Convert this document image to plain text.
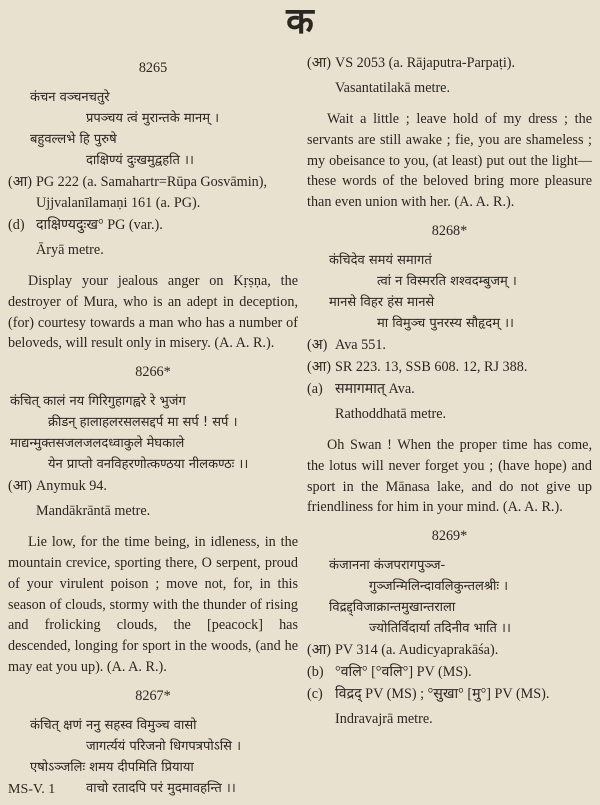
क
8265
कंचन वञ्चनचतुरे
प्रपञ्चय त्वं मुरान्तके मानम् ।
बहुवल्लभे हि पुरुषे
दाक्षिण्यं दुःखमुद्वहति ।।
(आ) PG 222 (a. Samahartr=Rūpa Gosvāmin), Ujjvalanīlamaṇi 161 (a. PG).
(d) दाक्षिण्यदुःख° PG (var.).
Āryā metre.
Display your jealous anger on Kṛṣṇa, the destroyer of Mura, who is an adept in deception, (for) courtesy towards a man who has a number of beloveds, will result only in misery. (A. A. R.).
8266*
कंचित् कालं नय गिरिगुहागह्वरे रे भुजंग
क्रीडन् हालाहलरसलसद्दर्प मा सर्प ! सर्प ।
माद्यन्मुक्तसजलजलदध्वाकुले मेघकाले
येन प्राप्तो वनविहरणोत्कण्ठया नीलकण्ठः ।।
(आ) Anymuk 94.
Mandākrāntā metre.
Lie low, for the time being, in idleness, in the mountain crevice, sporting there, O serpent, proud of your virulent poison ; move not, for, in this season of clouds, stormy with the thunder of rising and frolicking clouds, the [peacock] has descended, longing for sport in the woods, (and he may eat you up). (A. A. R.).
8267*
कंचित् क्षणं ननु सहस्व विमुञ्च वासो
जागर्त्ययं परिजनो धिगपत्रपोऽसि ।
एषोऽञ्जलिः शमय दीपमिति प्रियाया
वाचो रतादपि परं मुदमावहन्ति ।।
(आ) VS 2053 (a. Rājaputra-Parpaṭi).
Vasantatilakā metre.
Wait a little ; leave hold of my dress ; the servants are still awake ; fie, you are shameless ; my obeisance to you, (at least) put out the light—these words of the beloved bring more pleasure than even union with her. (A. A. R.).
8268*
कंचिदेव समयं समागतं
त्वां न विस्मरति शश्वदम्बुजम् ।
मानसे विहर हंस मानसे
मा विमुञ्च पुनरस्य सौहृदम् ।।
(अ) Ava 551.
(आ) SR 223. 13, SSB 608. 12, RJ 388.
(a) समागमात् Ava.
Rathoddhatā metre.
Oh Swan ! When the proper time has come, the lotus will never forget you ; (have hope) and sport in the Mānasa lake, and do not give up friendliness for him in your mind. (A. A. R.).
8269*
कंजानना कंजपरागपुञ्ज-
गुञ्जन्मिलिन्दावलिकुन्तलश्रीः ।
विद्रद्द्विजाक्रान्तमुखान्तराला
ज्योतिर्विदार्या तदिनीव भाति ।।
(आ) PV 314 (a. Audicyaprakāśa).
(b) °वलि° [°वलि°] PV (MS).
(c) विद्रद् PV (MS) ; °सुखा° [मु°] PV (MS).
Indravajrā metre.
MS-V. 1
